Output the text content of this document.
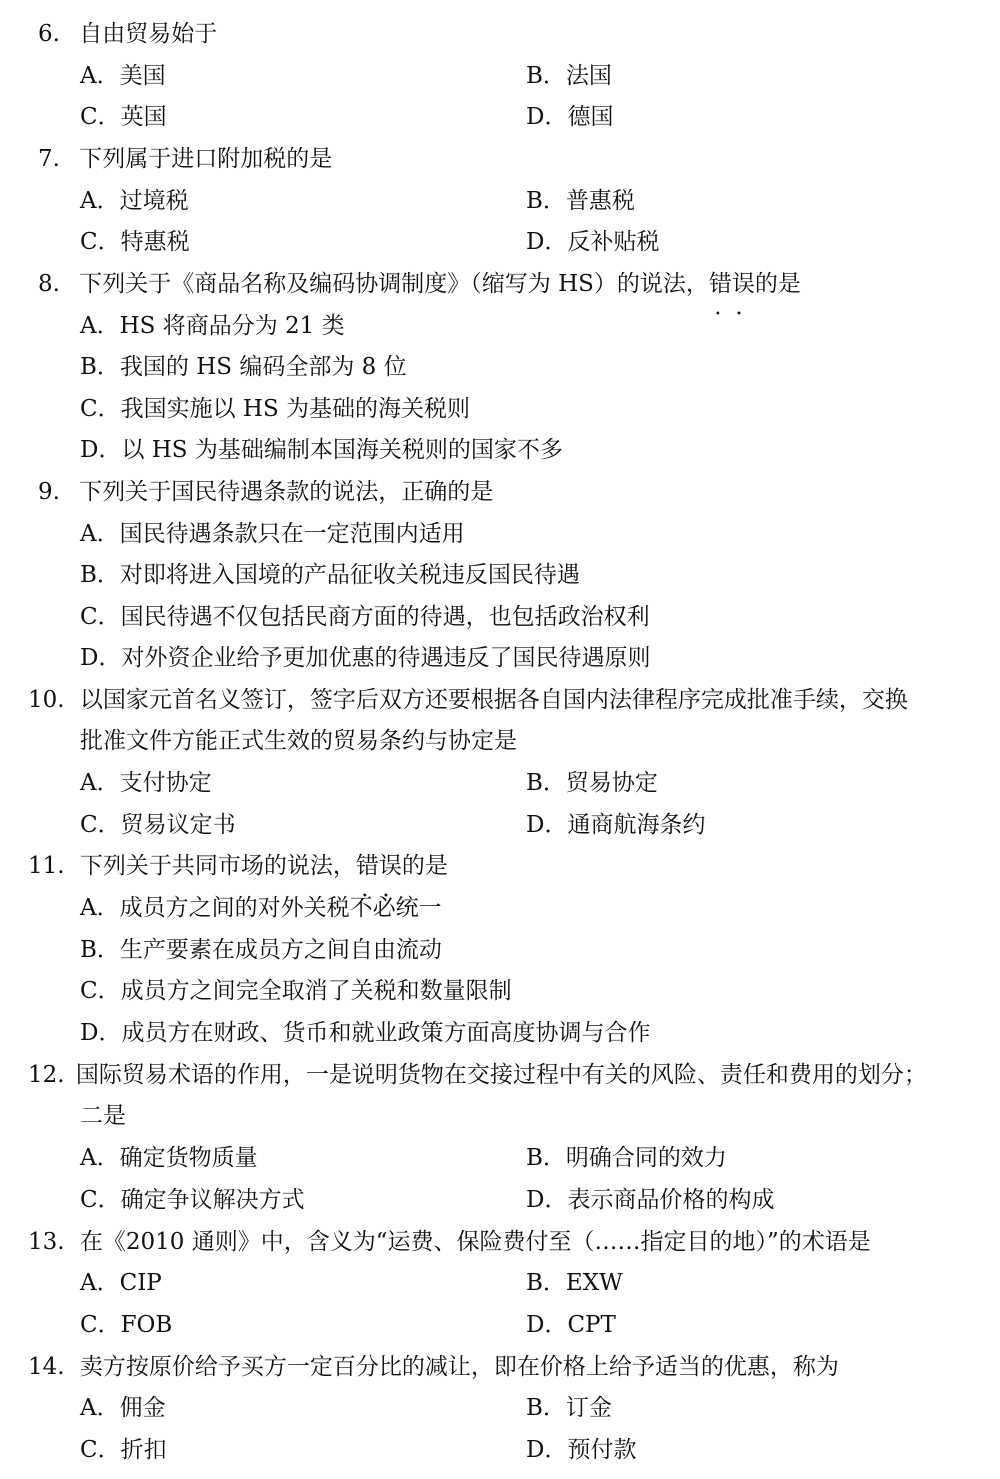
6. 自由贸易始于
A．美国	B．法国
C．英国	D．德国
7. 下列属于进口附加税的是
A．过境税	B．普惠税
C．特惠税	D．反补贴税
8. 下列关于《商品名称及编码协调制度》（缩写为 HS）的说法，错误 • •的是
A．HS 将商品分为 21 类
B．我国的 HS 编码全部为 8 位
C．我国实施以 HS 为基础的海关税则
D．以 HS 为基础编制本国海关税则的国家不多
9. 下列关于国民待遇条款的说法，正确的是
A．国民待遇条款只在一定范围内适用
B．对即将进入国境的产品征收关税违反国民待遇
C．国民待遇不仅包括民商方面的待遇，也包括政治权利
D．对外资企业给予更加优惠的待遇违反了国民待遇原则
10. 以国家元首名义签订，签字后双方还要根据各自国内法律程序完成批准手续，交换
批准文件方能正式生效的贸易条约与协定是
A．支付协定	B．贸易协定
C．贸易议定书	D．通商航海条约
11. 下列关于共同市场的说法，错误 • •的是
A．成员方之间的对外关税不必统一
B．生产要素在成员方之间自由流动
C．成员方之间完全取消了关税和数量限制
D．成员方在财政、货币和就业政策方面高度协调与合作
12. 国际贸易术语的作用，一是说明货物在交接过程中有关的风险、责任和费用的划分；
二是
A．确定货物质量	B．明确合同的效力
C．确定争议解决方式	D．表示商品价格的构成
13. 在《2010 通则》中，含义为“运费、保险费付至（……指定目的地）”的术语是
A．CIP	B．EXW
C．FOB	D．CPT
14. 卖方按原价给予买方一定百分比的减让，即在价格上给予适当的优惠，称为
A．佣金	B．订金
C．折扣	D．预付款
